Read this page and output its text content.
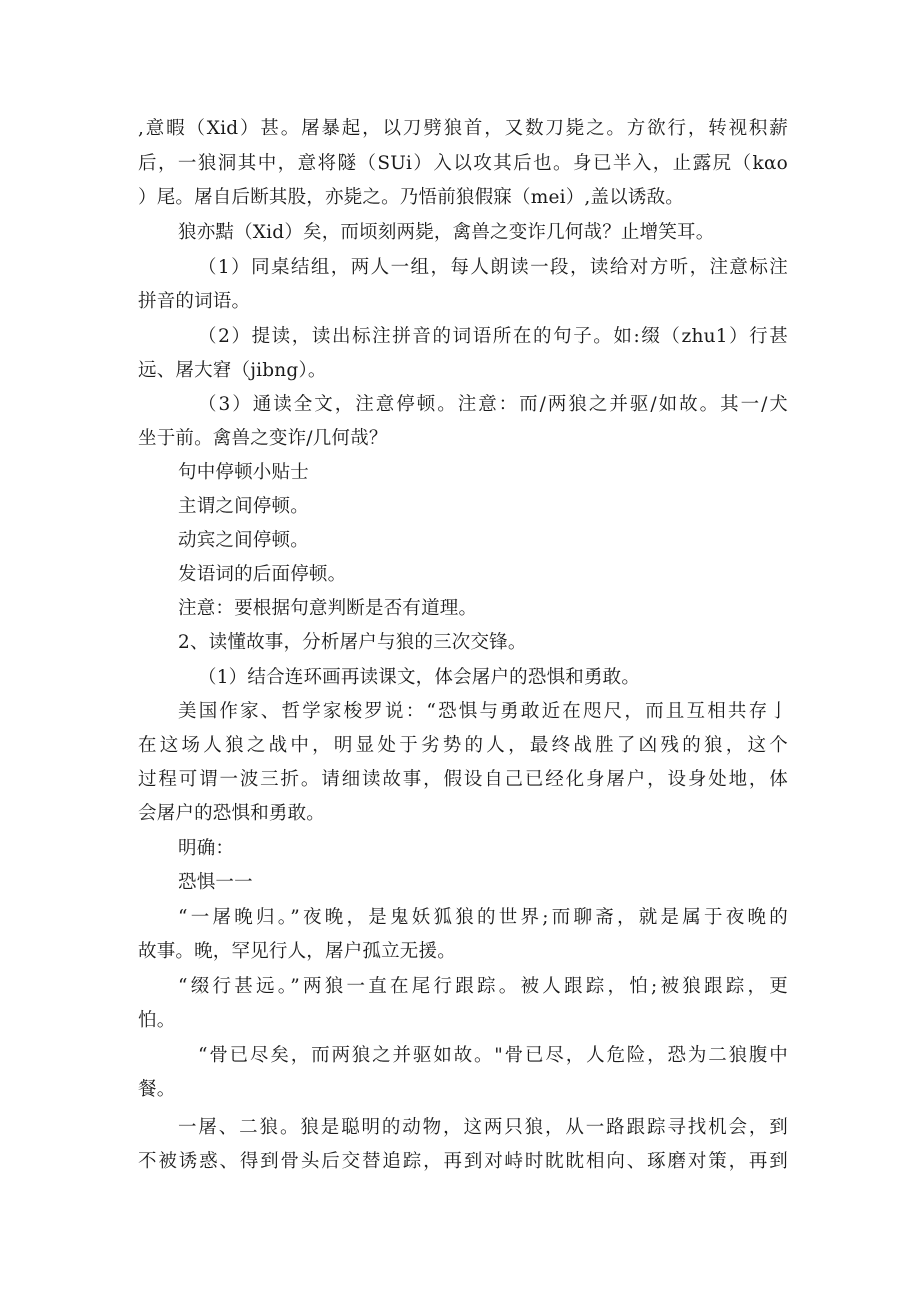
,意暇（Xid）甚。屠暴起，以刀劈狼首，又数刀毙之。方欲行，转视积薪
后，一狼洞其中，意将隧（SUi）入以攻其后也。身已半入，止露尻（kαo
）尾。屠自后断其股，亦毙之。乃悟前狼假寐（mei）,盖以诱敌。
狼亦黠（Xid）矣，而顷刻两毙，禽兽之变诈几何哉？止增笑耳。
（1）同桌结组，两人一组，每人朗读一段，读给对方听，注意标注
拼音的词语。
（2）提读，读出标注拼音的词语所在的句子。如:缀（zhu1）行甚
远、屠大窘（jibng）。
（3）通读全文，注意停顿。注意：而/两狼之并驱/如故。其一/犬
坐于前。禽兽之变诈/几何哉？
句中停顿小贴士
主谓之间停顿。
动宾之间停顿。
发语词的后面停顿。
注意：要根据句意判断是否有道理。
2、读懂故事，分析屠户与狼的三次交锋。
（1）结合连环画再读课文，体会屠户的恐惧和勇敢。
美国作家、哲学家梭罗说：“恐惧与勇敢近在咫尺，而且互相共存亅
在这场人狼之战中，明显处于劣势的人，最终战胜了凶残的狼，这个
过程可谓一波三折。请细读故事，假设自己已经化身屠户，设身处地，体
会屠户的恐惧和勇敢。
明确：
恐惧一一
“一屠晚归。”夜晚，是鬼妖狐狼的世界;而聊斋，就是属于夜晚的
故事。晚，罕见行人，屠户孤立无援。
“缀行甚远。”两狼一直在尾行跟踪。被人跟踪，怕;被狼跟踪，更
怕。
“骨已尽矣，而两狼之并驱如故。"骨已尽，人危险，恐为二狼腹中
餐。
一屠、二狼。狼是聪明的动物，这两只狼，从一路跟踪寻找机会，到
不被诱惑、得到骨头后交替追踪，再到对峙时眈眈相向、琢磨对策，再到
